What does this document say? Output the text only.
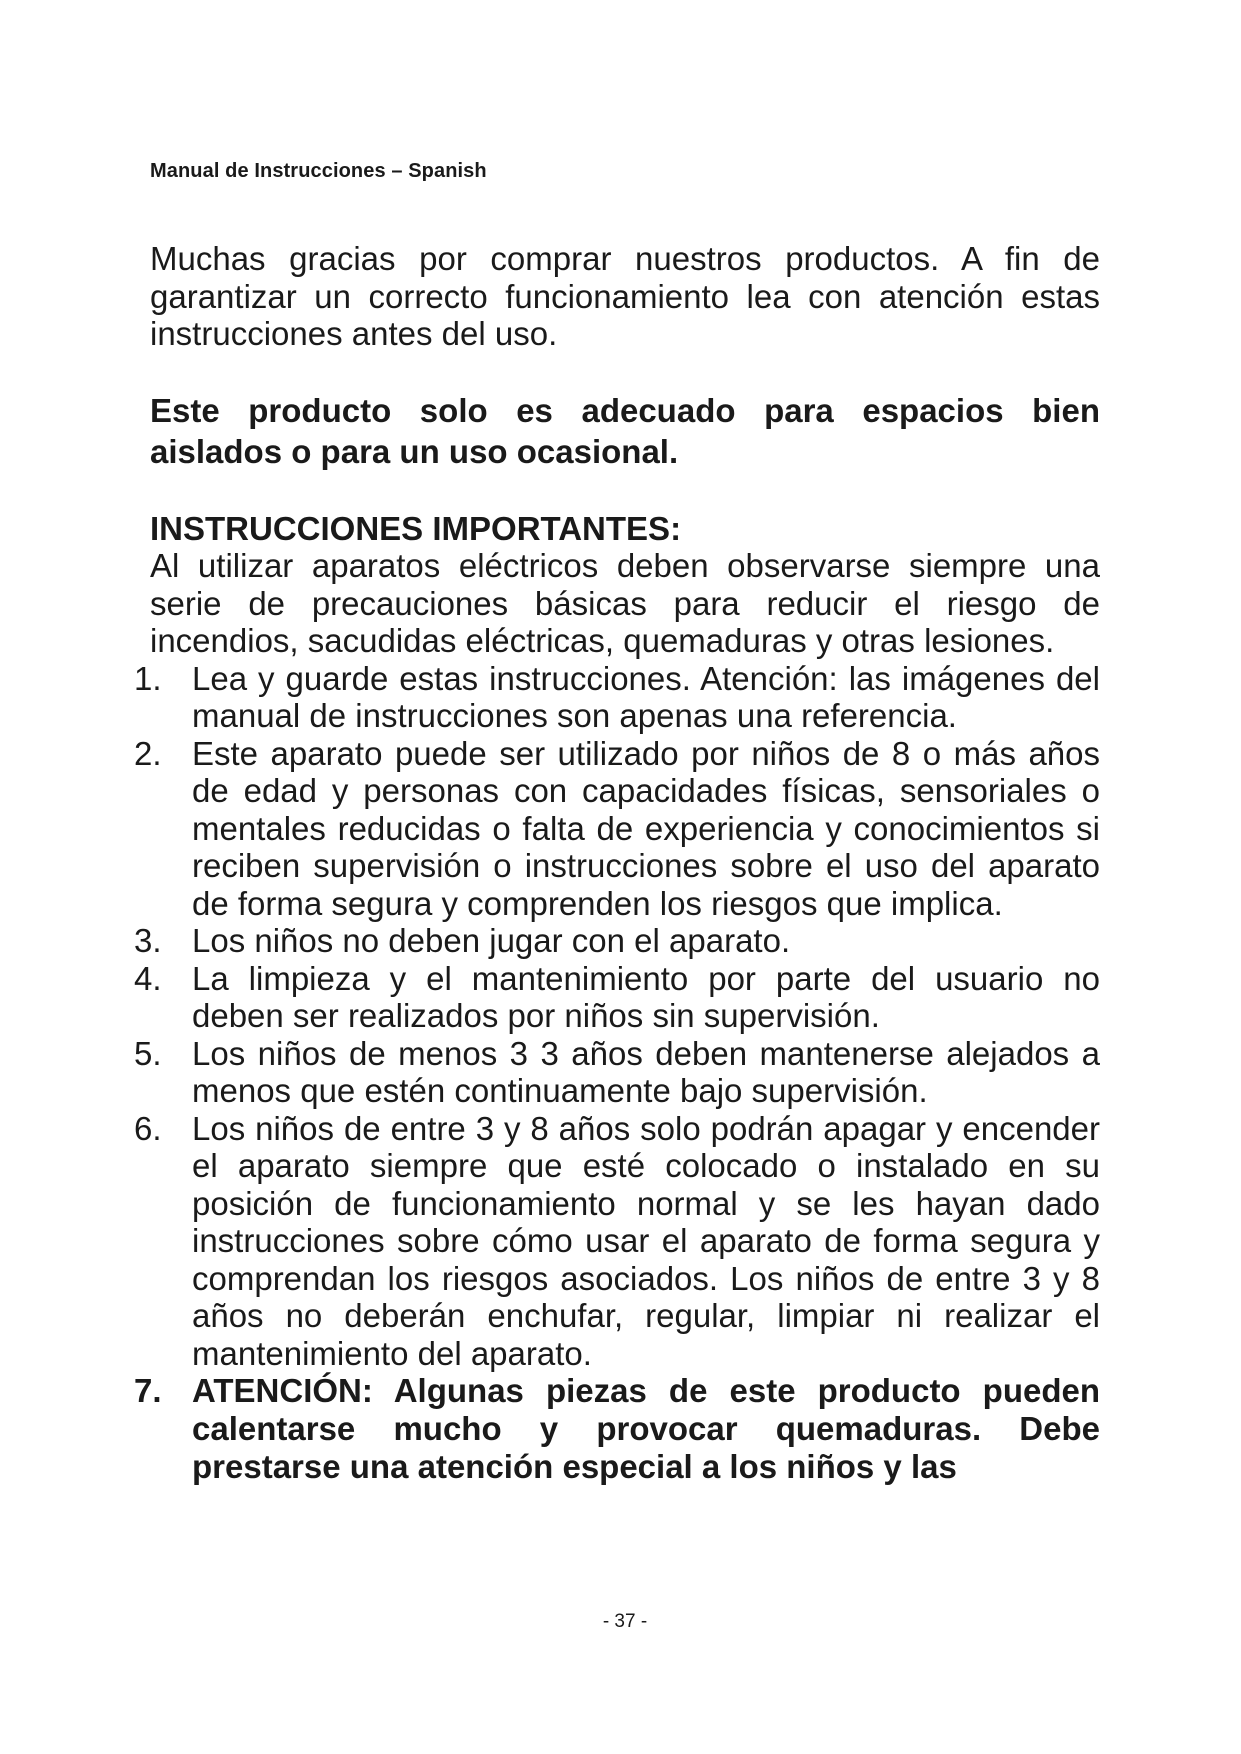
Manual de Instrucciones – Spanish

Muchas gracias por comprar nuestros productos. A fin de garantizar un correcto funcionamiento lea con atención estas instrucciones antes del uso.

Este producto solo es adecuado para espacios bien aislados o para un uso ocasional.

INSTRUCCIONES IMPORTANTES:

Al utilizar aparatos eléctricos deben observarse siempre una serie de precauciones básicas para reducir el riesgo de incendios, sacudidas eléctricas, quemaduras y otras lesiones.

1. Lea y guarde estas instrucciones. Atención: las imágenes del manual de instrucciones son apenas una referencia.
2. Este aparato puede ser utilizado por niños de 8 o más años de edad y personas con capacidades físicas, sensoriales o mentales reducidas o falta de experiencia y conocimientos si reciben supervisión o instrucciones sobre el uso del aparato de forma segura y comprenden los riesgos que implica.
3. Los niños no deben jugar con el aparato.
4. La limpieza y el mantenimiento por parte del usuario no deben ser realizados por niños sin supervisión.
5. Los niños de menos 3 3 años deben mantenerse alejados a menos que estén continuamente bajo supervisión.
6. Los niños de entre 3 y 8 años solo podrán apagar y encender el aparato siempre que esté colocado o instalado en su posición de funcionamiento normal y se les hayan dado instrucciones sobre cómo usar el aparato de forma segura y comprendan los riesgos asociados. Los niños de entre 3 y 8 años no deberán enchufar, regular, limpiar ni realizar el mantenimiento del aparato.
7. ATENCIÓN: Algunas piezas de este producto pueden calentarse mucho y provocar quemaduras. Debe prestarse una atención especial a los niños y las
- 37 -
